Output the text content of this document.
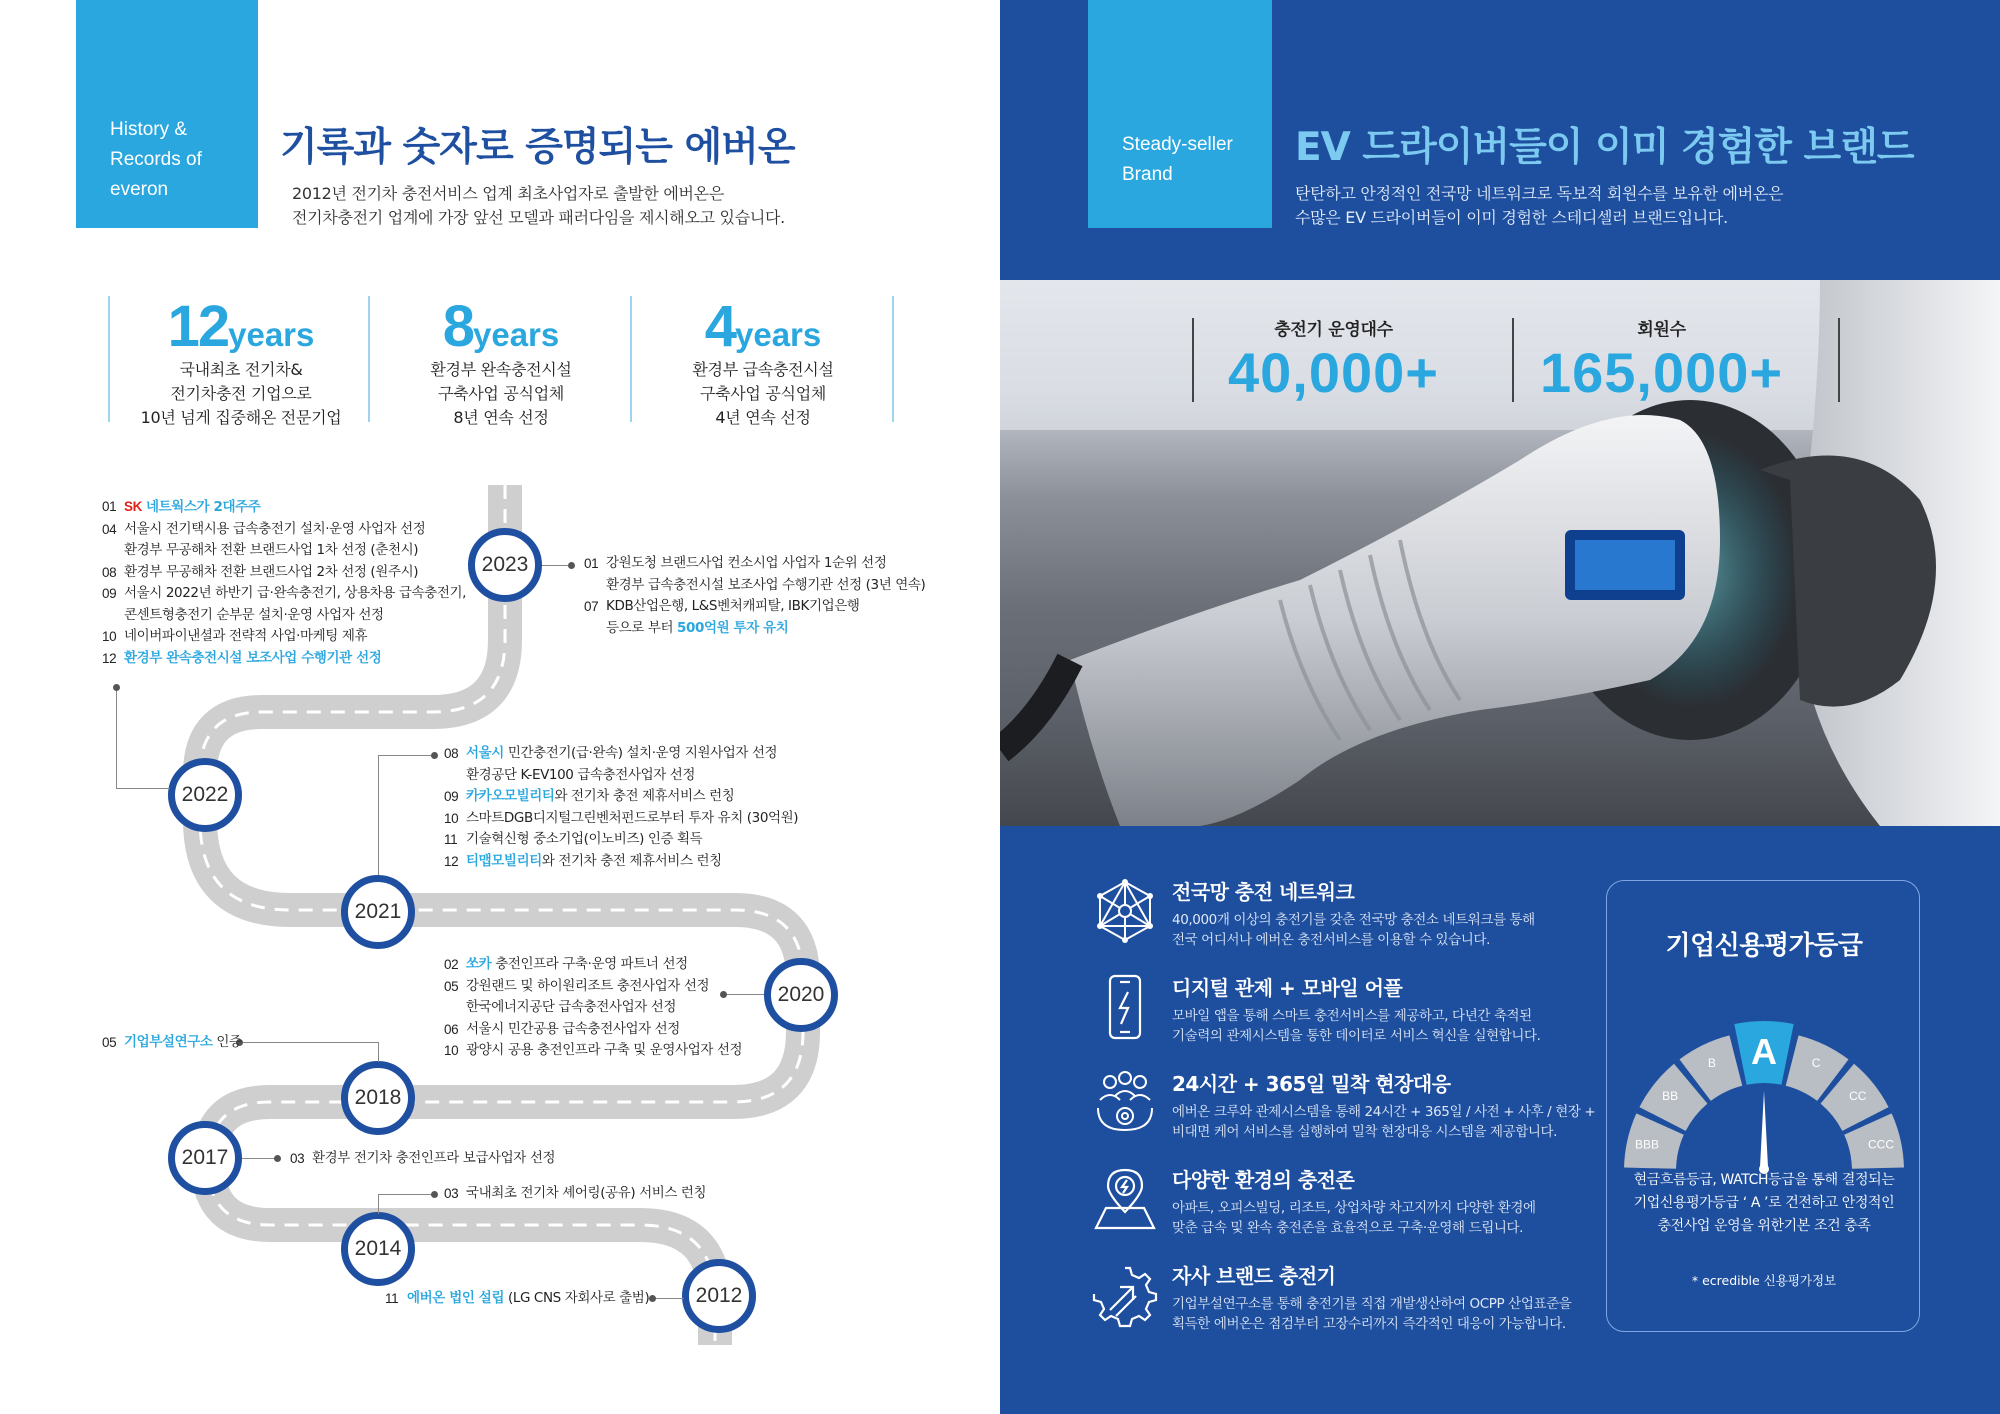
History &
Records of
everon
기록과 숫자로 증명되는 에버온
2012년 전기차 충전서비스 업계 최초사업자로 출발한 에버온은
전기차충전기 업계에 가장 앞선 모델과 패러다임을 제시해오고 있습니다.
12years
국내최초 전기차&
전기차충전 기업으로
10년 넘게 집중해온 전문기업
8years
환경부 완속충전시설
구축사업 공식업체
8년 연속 선정
4years
환경부 급속충전시설
구축사업 공식업체
4년 연속 선정
2023
2022
2021
2020
2018
2017
2014
2012
01 SK 네트웍스가 2대주주
04 서울시 전기택시용 급속충전기 설치·운영 사업자 선정
환경부 무공해차 전환 브랜드사업 1차 선정 (춘천시)
08 환경부 무공해차 전환 브랜드사업 2차 선정 (원주시)
09 서울시 2022년 하반기 급·완속충전기, 상용차용 급속충전기,
콘센트형충전기 순부문 설치·운영 사업자 선정
10 네이버파이낸셜과 전략적 사업·마케팅 제휴
12 환경부 완속충전시설 보조사업 수행기관 선정
01 강원도청 브랜드사업 컨소시업 사업자 1순위 선정
환경부 급속충전시설 보조사업 수행기관 선정 (3년 연속)
07 KDB산업은행, L&S벤처캐피탈, IBK기업은행
등으로 부터 500억원 투자 유치
08 서울시 민간충전기(급·완속) 설치·운영 지원사업자 선정
환경공단 K-EV100 급속충전사업자 선정
09 카카오모빌리티와 전기차 충전 제휴서비스 런칭
10 스마트DGB디지털그린벤처펀드로부터 투자 유치 (30억원)
11 기술혁신형 중소기업(이노비즈) 인증 획득
12 티맵모빌리티와 전기차 충전 제휴서비스 런칭
02 쏘카 충전인프라 구축·운영 파트너 선정
05 강원랜드 및 하이원리조트 충전사업자 선정
한국에너지공단 급속충전사업자 선정
06 서울시 민간공용 급속충전사업자 선정
10 광양시 공용 충전인프라 구축 및 운영사업자 선정
05 기업부설연구소 인증
03 환경부 전기차 충전인프라 보급사업자 선정
03 국내최초 전기차 셰어링(공유) 서비스 런칭
11 에버온 법인 설립 (LG CNS 자회사로 출범)
Steady-seller
Brand
EV 드라이버들이 이미 경험한 브랜드
탄탄하고 안정적인 전국망 네트워크로 독보적 회원수를 보유한 에버온은
수많은 EV 드라이버들이 이미 경험한 스테디셀러 브랜드입니다.
충전기 운영대수
40,000+
회원수
165,000+
전국망 충전 네트워크
40,000개 이상의 충전기를 갖춘 전국망 충전소 네트워크를 통해
전국 어디서나 에버온 충전서비스를 이용할 수 있습니다.
디지털 관제 + 모바일 어플
모바일 앱을 통해 스마트 충전서비스를 제공하고, 다년간 축적된
기술력의 관제시스템을 통한 데이터로 서비스 혁신을 실현합니다.
24시간 + 365일 밀착 현장대응
에버온 크루와 관제시스템을 통해 24시간 + 365일 / 사전 + 사후 / 현장 +
비대면 케어 서비스를 실행하여 밀착 현장대응 시스템을 제공합니다.
다양한 환경의 충전존
아파트, 오피스빌딩, 리조트, 상업차량 차고지까지 다양한 환경에
맞춘 급속 및 완속 충전존을 효율적으로 구축·운영해 드립니다.
자사 브랜드 충전기
기업부설연구소를 통해 충전기를 직접 개발생산하여 OCPP 산업표준을
획득한 에버온은 점검부터 고장수리까지 즉각적인 대응이 가능합니다.
기업신용평가등급
BBB
BB
B A	C
CC
CCC
현금흐름등급, WATCH등급을 통해 결정되는
기업신용평가등급 ‘ A ’로 건전하고 안정적인
충전사업 운영을 위한기본 조건 충족
* ecredible 신용평가정보
